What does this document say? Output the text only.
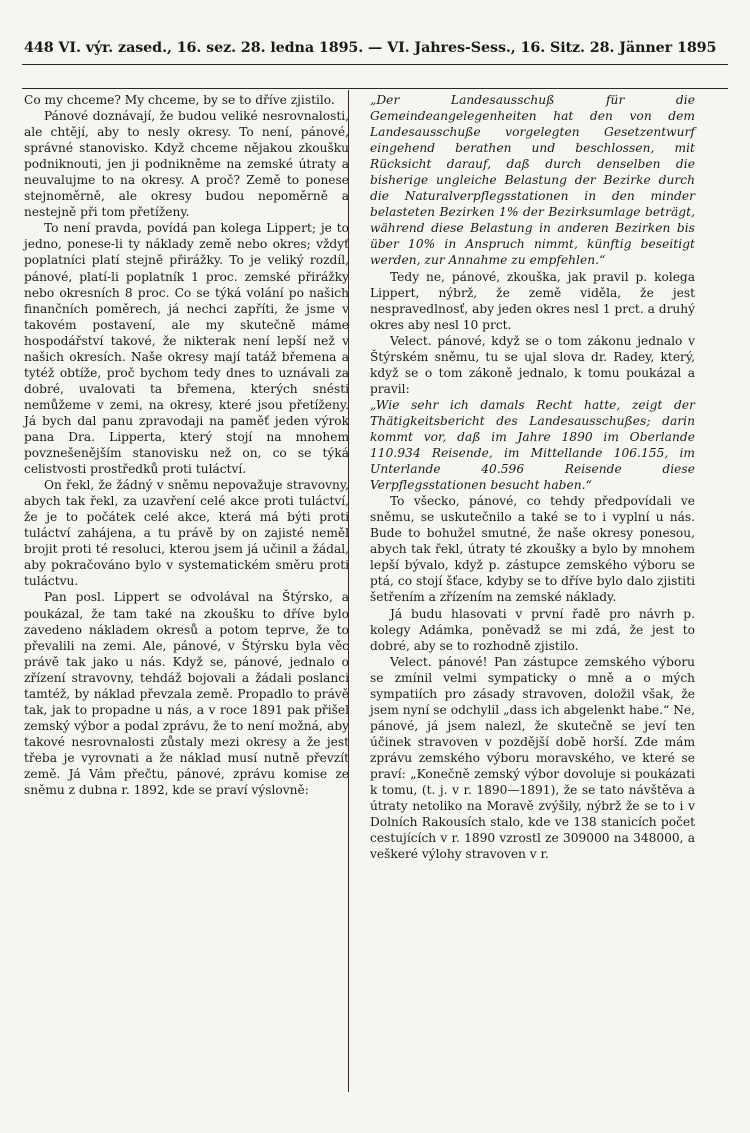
448 VI. výr. zased., 16. sez. 28. ledna 1895. — VI. Jahres-Sess., 16. Sitz. 28. Jänner 1895

Co my chceme? My chceme, by se to dříve zjistilo.

Pánové doznávají, že budou veliké nesrovnalosti, ale chtějí, aby to nesly okresy. To není, pánové, správné stanovisko. Když chceme nějakou zkoušku podniknouti, jen ji podnikněme na zemské útraty a neuvalujme to na okresy. A proč? Země to ponese stejnoměrně, ale okresy budou nepoměrně a nestejně při tom přetíženy.

To není pravda, povídá pan kolega Lippert; je to jedno, ponese-li ty náklady země nebo okres; vždyť poplatníci platí stejně přirážky. To je veliký rozdíl, pánové, platí-li poplatník 1 proc. zemské přirážky nebo okresních 8 proc. Co se týká volání po našich finančních poměrech, já nechci zapříti, že jsme v takovém postavení, ale my skutečně máme hospodářství takové, že nikterak není lepší než v našich okresích. Naše okresy mají tatáž břemena a tytéž obtíže, proč bychom tedy dnes to uznávali za dobré, uvalovati ta břemena, kterých snésti nemůžeme v zemi, na okresy, které jsou přetíženy. Já bych dal panu zpravodaji na paměť jeden výrok pana Dra. Lipperta, který stojí na mnohem povznešenějším stanovisku než on, co se týká celistvosti prostředků proti tuláctví.

On řekl, že žádný v sněmu nepovažuje stravovny, abych tak řekl, za uzavření celé akce proti tuláctví, že je to počátek celé akce, která má býti proti tuláctví zahájena, a tu právě by on zajisté neměl brojit proti té resoluci, kterou jsem já učinil a žádal, aby pokračováno bylo v systematickém směru proti tuláctvu.

Pan posl. Lippert se odvolával na Štýrsko, a poukázal, že tam také na zkoušku to dříve bylo zavedeno nákladem okresů a potom teprve, že to převalili na zemi. Ale, pánové, v Štýrsku byla věc právě tak jako u nás. Když se, pánové, jednalo o zřízení stravovny, tehdáž bojovali a žádali poslanci tamtéž, by náklad převzala země. Propadlo to právě tak, jak to propadne u nás, a v roce 1891 pak přišel zemský výbor a podal zprávu, že to není možná, aby takové nesrovnalosti zůstaly mezi okresy a že jest třeba je vyrovnati a že náklad musí nutně převzít země. Já Vám přečtu, pánové, zprávu komise ze sněmu z dubna r. 1892, kde se praví výslovně:

„Der Landesausschuß für die Gemeindeangelegenheiten hat den von dem Landesausschuße vorgelegten Gesetzentwurf eingehend berathen und beschlossen, mit Rücksicht darauf, daß durch denselben die bisherige ungleiche Belastung der Bezirke durch die Naturalverpflegsstationen in den minder belasteten Bezirken 1% der Bezirksumlage beträgt, während diese Belastung in anderen Bezirken bis über 10% in Anspruch nimmt, künftig beseitigt werden, zur Annahme zu empfehlen.“

Tedy ne, pánové, zkouška, jak pravil p. kolega Lippert, nýbrž, že země viděla, že jest nespravedlnosť, aby jeden okres nesl 1 prct. a druhý okres aby nesl 10 prct.

Velect. pánové, když se o tom zákonu jednalo v Štýrském sněmu, tu se ujal slova dr. Radey, který, když se o tom zákoně jednalo, k tomu poukázal a pravil:

„Wie sehr ich damals Recht hatte, zeigt der Thätigkeitsbericht des Landesausschußes; darin kommt vor, daß im Jahre 1890 im Oberlande 110.934 Reisende, im Mittellande 106.155, im Unterlande 40.596 Reisende diese Verpflegsstationen besucht haben.“

To všecko, pánové, co tehdy předpovídali ve sněmu, se uskutečnilo a také se to i vyplní u nás. Bude to bohužel smutné, že naše okresy ponesou, abych tak řekl, útraty té zkoušky a bylo by mnohem lepší bývalo, když p. zástupce zemského výboru se ptá, co stojí šťace, kdyby se to dříve bylo dalo zjistiti šetřením a zřízením na zemské náklady.

Já budu hlasovati v první řadě pro návrh p. kolegy Adámka, poněvadž se mi zdá, že jest to dobré, aby se to rozhodně zjistilo.

Velect. pánové! Pan zástupce zemského výboru se zmínil velmi sympaticky o mně a o mých sympatiích pro zásady stravoven, doložil však, že jsem nyní se odchylil „dass ich abgelenkt habe.“ Ne, pánové, já jsem nalezl, že skutečně se jeví ten účinek stravoven v pozdější době horší. Zde mám zprávu zemského výboru moravského, ve které se praví: „Konečně zemský výbor dovoluje si poukázati k tomu, (t. j. v r. 1890—1891), že se tato návštěva a útraty netoliko na Moravě zvýšily, nýbrž že se to i v Dolních Rakousích stalo, kde ve 138 stanicích počet cestujících v r. 1890 vzrostl ze 309000 na 348000, a veškeré výlohy stravoven v r.
